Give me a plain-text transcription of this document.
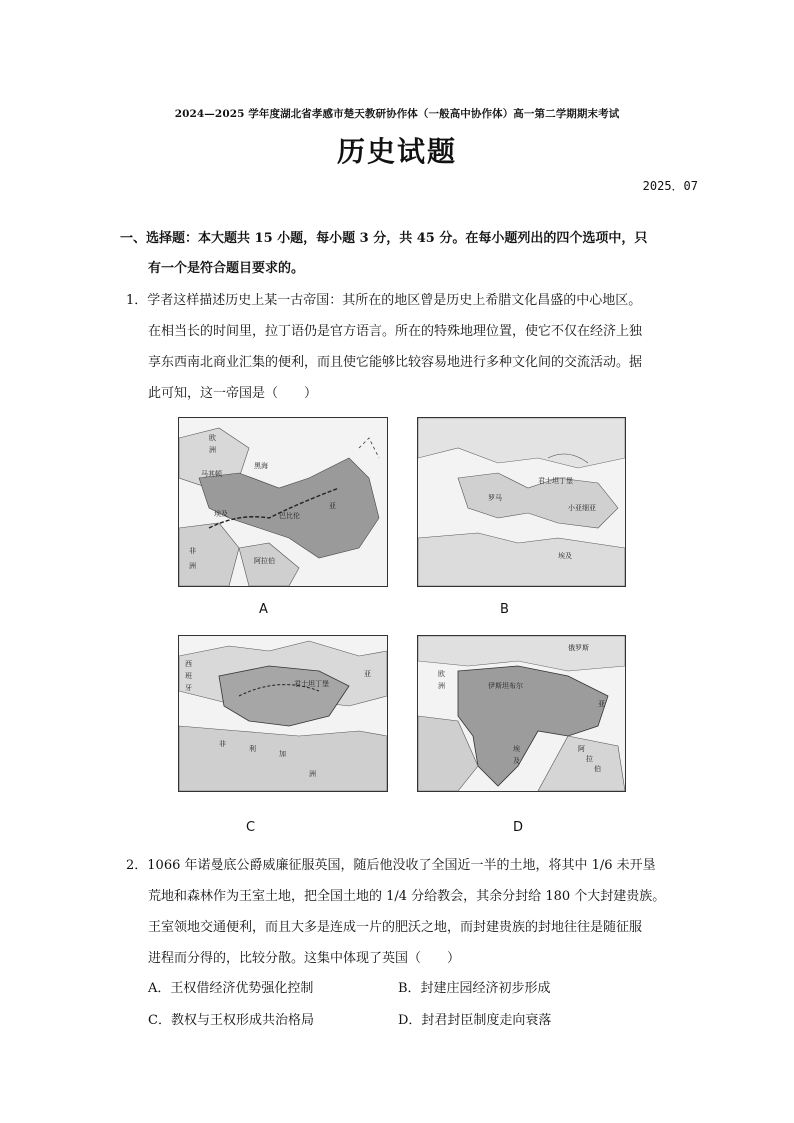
2024—2025 学年度湖北省孝感市楚天教研协作体（一般高中协作体）高一第二学期期末考试
历史试题
2025．07
一、选择题：本大题共 15 小题，每小题 3 分，共 45 分。在每小题列出的四个选项中，只
有一个是符合题目要求的。
1．学者这样描述历史上某一古帝国：其所在的地区曾是历史上希腊文化昌盛的中心地区。
在相当长的时间里，拉丁语仍是官方语言。所在的特殊地理位置，使它不仅在经济上独
享东西南北商业汇集的便利，而且使它能够比较容易地进行多种文化间的交流活动。据
此可知，这一帝国是（　　）
欧
洲
马其顿
亚
巴比伦
埃及
非
洲
阿拉伯
黑海
A
罗马
君士坦丁堡
小亚细亚
埃及
B
西
班
牙
亚
非
利
加
洲
君士坦丁堡
C
俄罗斯
伊斯坦布尔
欧
洲
亚
阿
拉
伯
埃
及
D
2．1066 年诺曼底公爵威廉征服英国，随后他没收了全国近一半的土地，将其中 1/6 未开垦
荒地和森林作为王室土地，把全国土地的 1/4 分给教会，其余分封给 180 个大封建贵族。
王室领地交通便利，而且大多是连成一片的肥沃之地，而封建贵族的封地往往是随征服
进程而分得的，比较分散。这集中体现了英国（　　）
A．王权借经济优势强化控制	B．封建庄园经济初步形成
C．教权与王权形成共治格局	D．封君封臣制度走向衰落
